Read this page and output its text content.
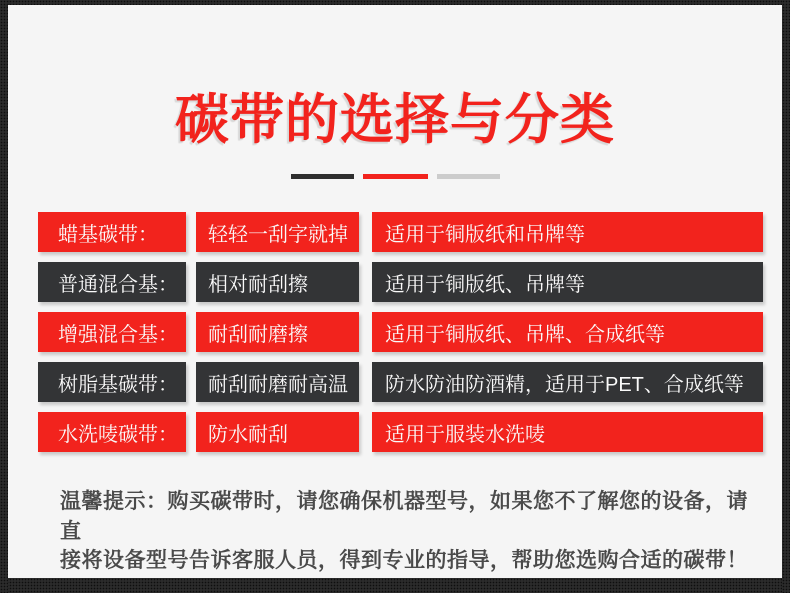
碳带的选择与分类
蜡基碳带：	轻轻一刮字就掉	适用于铜版纸和吊牌等
普通混合基：	相对耐刮擦	适用于铜版纸、吊牌等
增强混合基：	耐刮耐磨擦	适用于铜版纸、吊牌、合成纸等
树脂基碳带：	耐刮耐磨耐高温	防水防油防酒精，适用于PET、合成纸等
水洗唛碳带：	防水耐刮	适用于服装水洗唛
温馨提示：购买碳带时，请您确保机器型号，如果您不了解您的设备，请直
接将设备型号告诉客服人员，得到专业的指导，帮助您选购合适的碳带！
